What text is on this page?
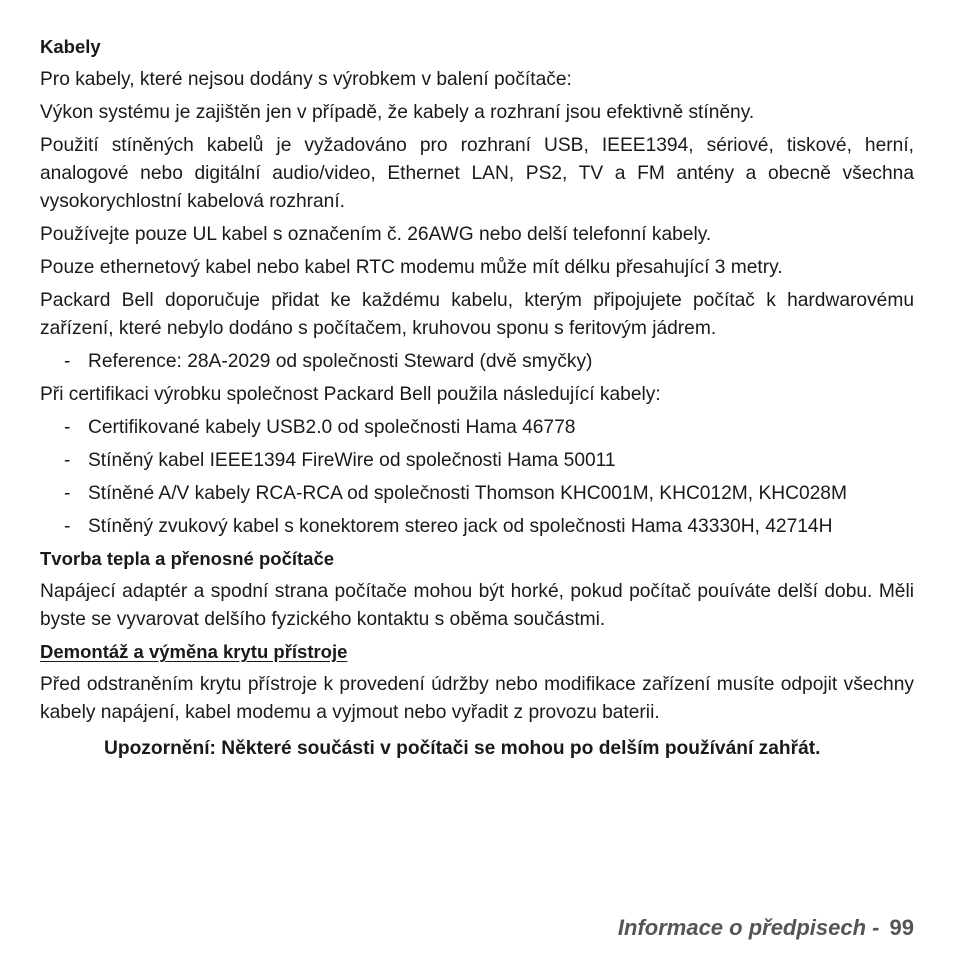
Kabely

Pro kabely, které nejsou dodány s výrobkem v balení počítače:

Výkon systému je zajištěn jen v případě, že kabely a rozhraní jsou efektivně stíněny.

Použití stíněných kabelů je vyžadováno pro rozhraní USB, IEEE1394, sériové, tiskové, herní, analogové nebo digitální audio/video, Ethernet LAN, PS2, TV a FM antény a obecně všechna vysokorychlostní kabelová rozhraní.

Používejte pouze UL kabel s označením č. 26AWG nebo delší telefonní kabely.

Pouze ethernetový kabel nebo kabel RTC modemu může mít délku přesahující 3 metry.

Packard Bell doporučuje přidat ke každému kabelu, kterým připojujete počítač k hardwarovému zařízení, které nebylo dodáno s počítačem, kruhovou sponu s feritovým jádrem.

- Reference: 28A-2029 od společnosti Steward (dvě smyčky)

Při certifikaci výrobku společnost Packard Bell použila následující kabely:

- Certifikované kabely USB2.0 od společnosti Hama 46778
- Stíněný kabel IEEE1394 FireWire od společnosti Hama 50011
- Stíněné A/V kabely RCA-RCA od společnosti Thomson KHC001M, KHC012M, KHC028M
- Stíněný zvukový kabel s konektorem stereo jack od společnosti Hama 43330H, 42714H
Tvorba tepla a přenosné počítače

Napájecí adaptér a spodní strana počítače mohou být horké, pokud počítač pouíváte delší dobu. Měli byste se vyvarovat delšího fyzického kontaktu s oběma součástmi.

Demontáž a výměna krytu přístroje

Před odstraněním krytu přístroje k provedení údržby nebo modifikace zařízení musíte odpojit všechny kabely napájení, kabel modemu a vyjmout nebo vyřadit z provozu baterii.

Upozornění: Některé součásti v počítači se mohou po delším používání zahřát.
Informace o předpisech - 99
